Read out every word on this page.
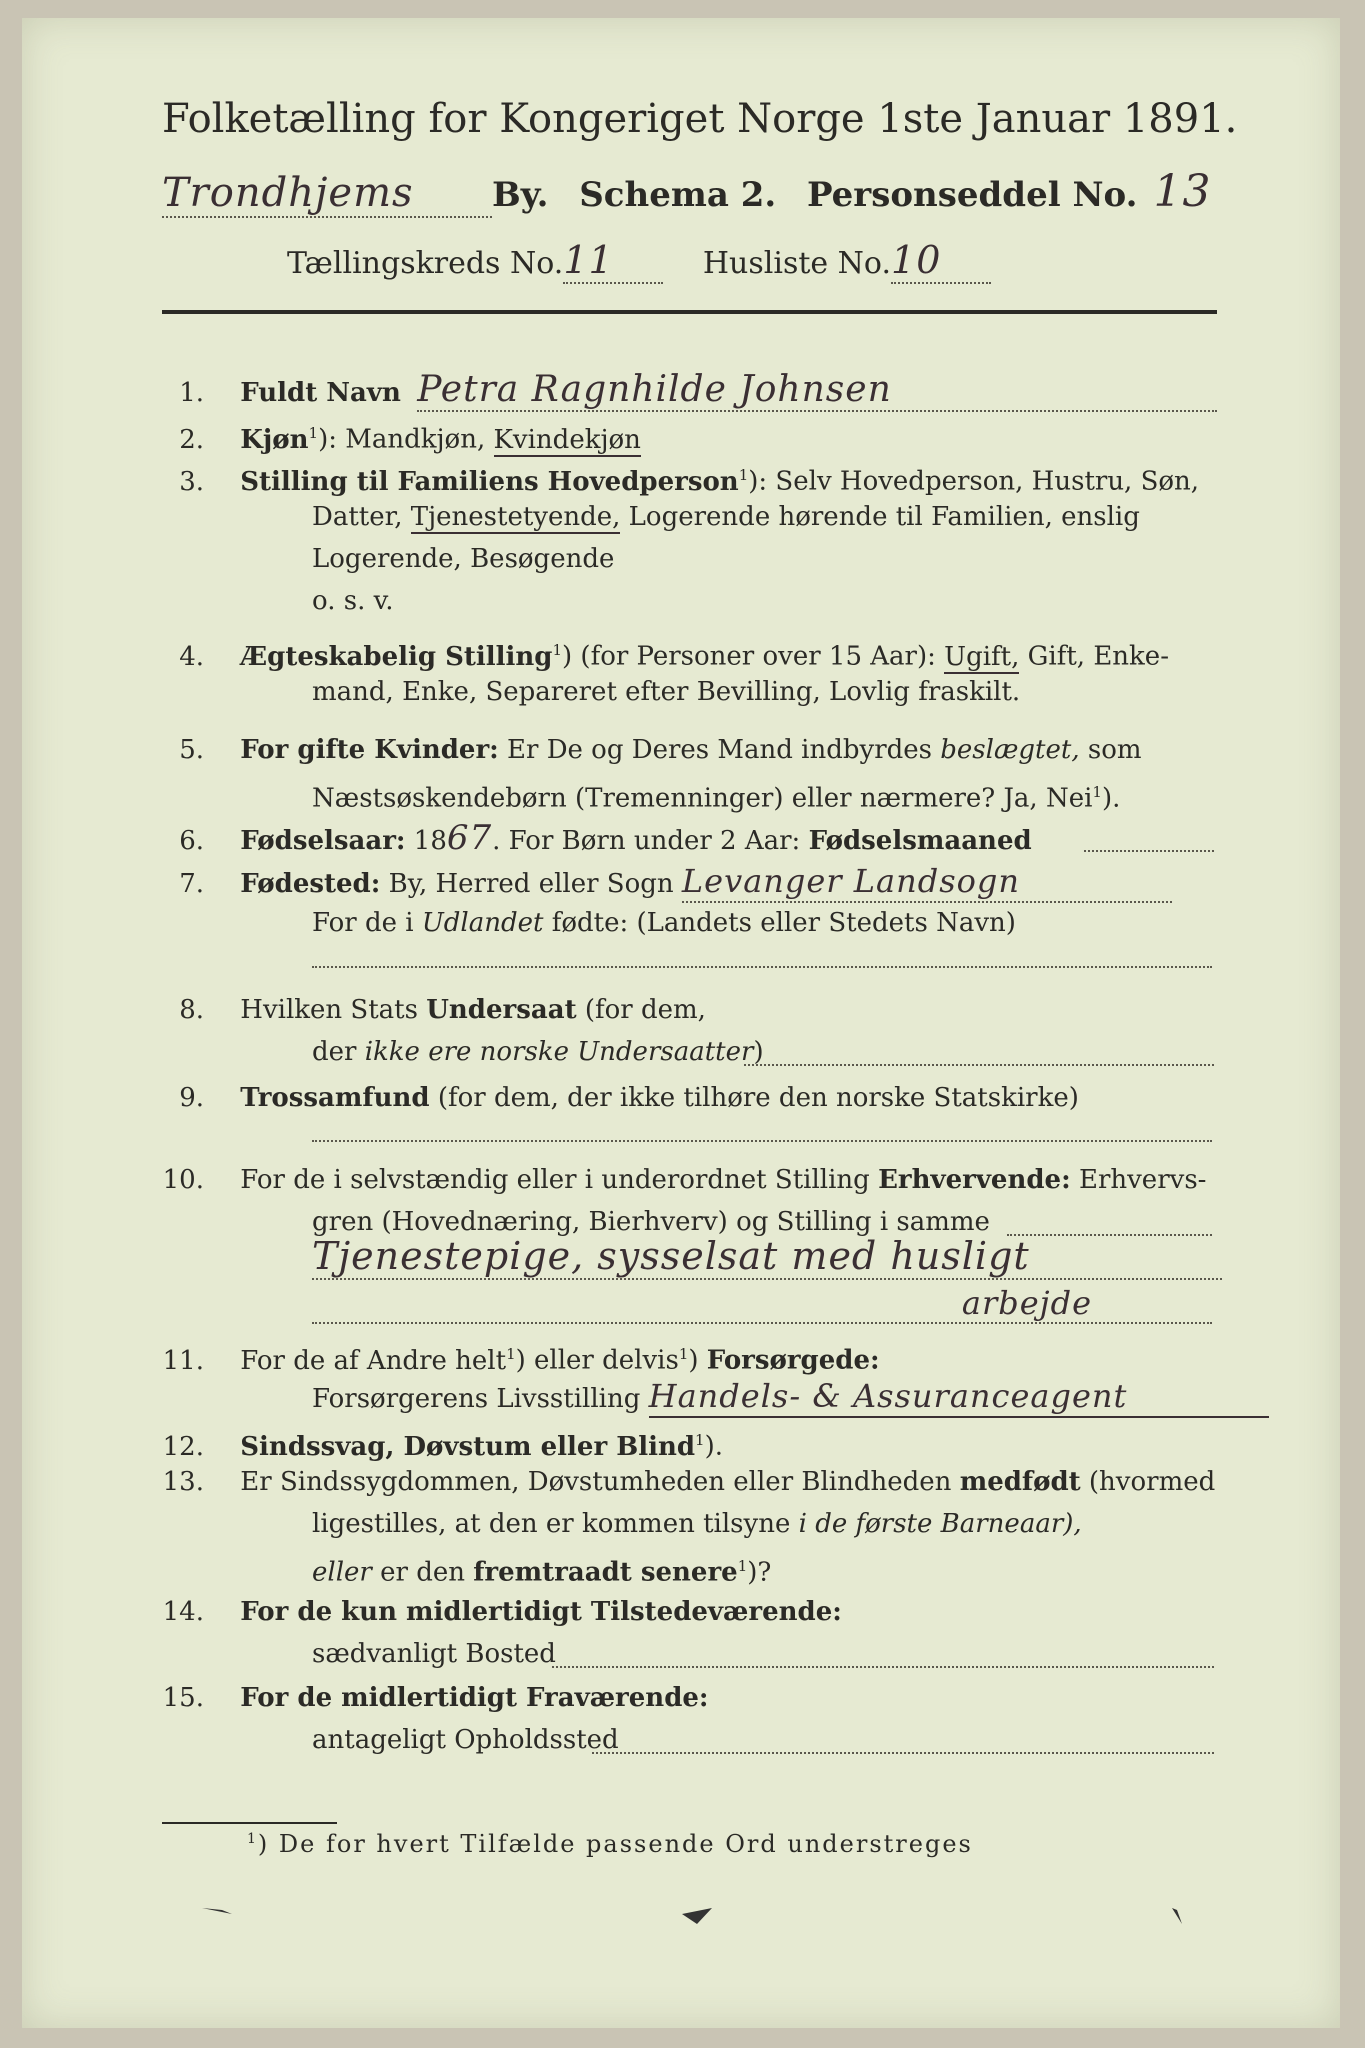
Folketælling for Kongeriget Norge 1ste Januar 1891.
Trondhjems By. Schema 2. Personseddel No. 13
Tællingskreds No.11	Husliste No.10
1. Fuldt Navn Petra Ragnhilde Johnsen
2. Kjøn$^1$): Mandkjøn, Kvindekjøn
3. Stilling til Familiens Hovedperson$^1$): Selv Hovedperson, Hustru, Søn,
Datter, Tjenestetyende, Logerende hørende til Familien, enslig
Logerende, Besøgende
o. s. v.
4. Ægteskabelig Stilling$^1$) (for Personer over 15 Aar): Ugift, Gift, Enke-
mand, Enke, Separeret efter Bevilling, Lovlig fraskilt.
5. For gifte Kvinder: Er De og Deres Mand indbyrdes beslægtet, som
Næstsøskendebørn (Tremenninger) eller nærmere? Ja, Nei$^1$).
6. Fødselsaar: 1867. For Børn under 2 Aar: Fødselsmaaned
7. Fødested: By, Herred eller Sogn Levanger Landsogn
For de i Udlandet fødte: (Landets eller Stedets Navn)
8. Hvilken Stats Undersaat (for dem,
der ikke ere norske Undersaatter)
9. Trossamfund (for dem, der ikke tilhøre den norske Statskirke)
10. For de i selvstændig eller i underordnet Stilling Erhvervende: Erhvervs-
gren (Hovednæring, Bierhverv) og Stilling i samme
Tjenestepige, sysselsat med husligt
arbejde
11. For de af Andre helt$^1$) eller delvis$^1$) Forsørgede:
Forsørgerens Livsstilling Handels- & Assuranceagent
12. Sindssvag, Døvstum eller Blind$^1$).
13. Er Sindssygdommen, Døvstumheden eller Blindheden medfødt (hvormed
ligestilles, at den er kommen tilsyne i de første Barneaar),
eller er den fremtraadt senere$^1$)?
14. For de kun midlertidigt Tilstedeværende:
sædvanligt Bosted
15. For de midlertidigt Fraværende:
antageligt Opholdssted
$^1$) De for hvert Tilfælde passende Ord understreges
